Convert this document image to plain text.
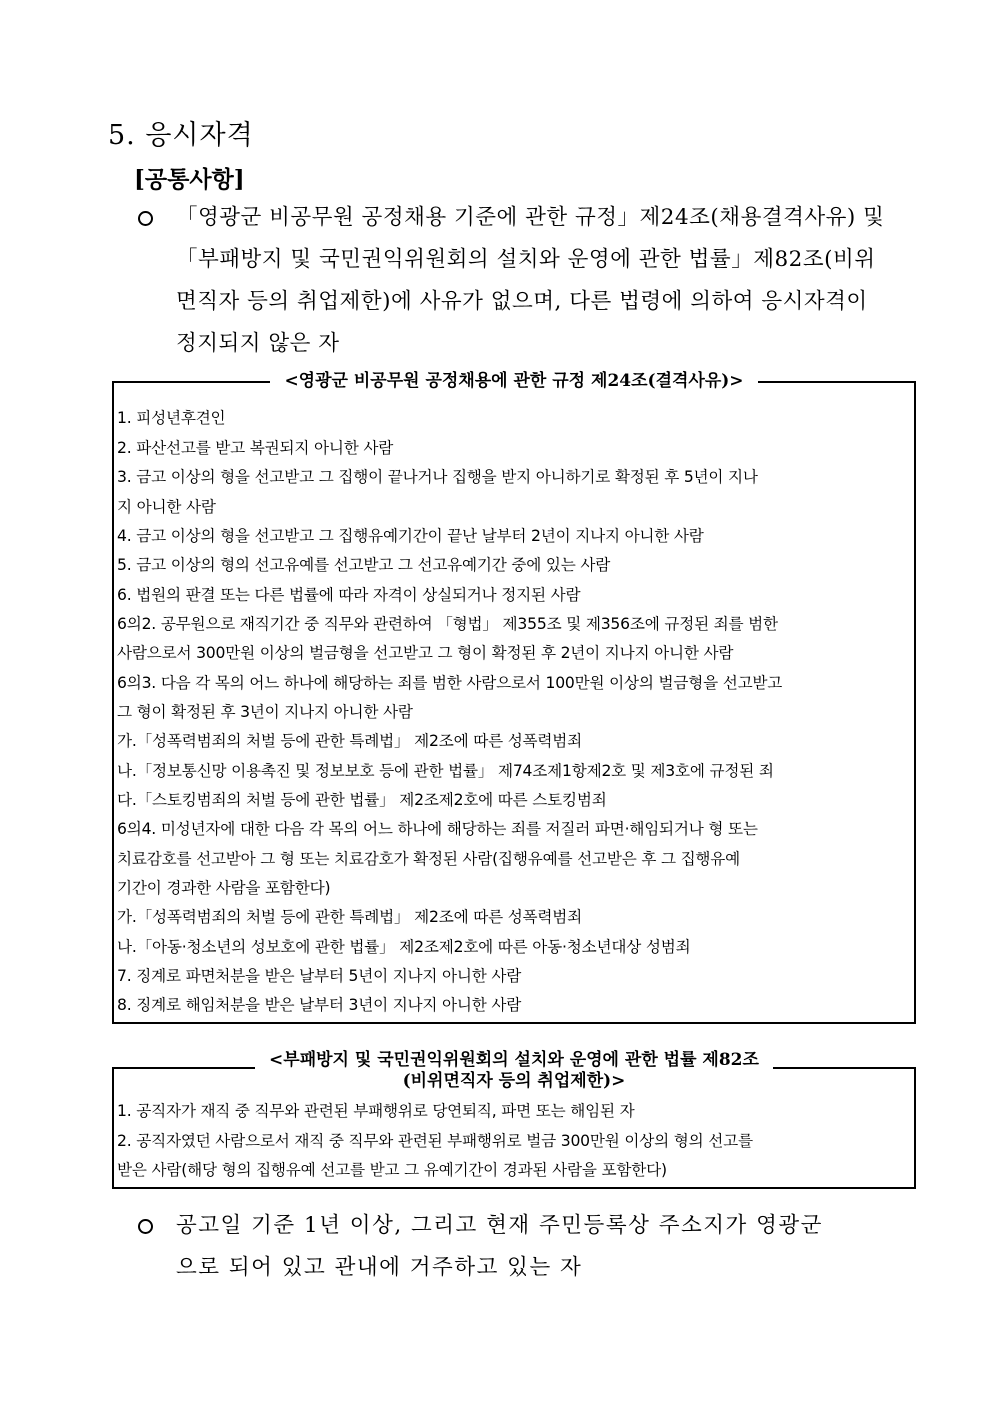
5. 응시자격
[공통사항]
「영광군 비공무원 공정채용 기준에 관한 규정」제24조(채용결격사유) 및
「부패방지 및 국민권익위원회의 설치와 운영에 관한 법률」제82조(비위
면직자 등의 취업제한)에 사유가 없으며, 다른 법령에 의하여 응시자격이
정지되지 않은 자
<영광군 비공무원 공정채용에 관한 규정 제24조(결격사유)>
1. 피성년후견인
2. 파산선고를 받고 복권되지 아니한 사람
3. 금고 이상의 형을 선고받고 그 집행이 끝나거나 집행을 받지 아니하기로 확정된 후 5년이 지나
지 아니한 사람
4. 금고 이상의 형을 선고받고 그 집행유예기간이 끝난 날부터 2년이 지나지 아니한 사람
5. 금고 이상의 형의 선고유예를 선고받고 그 선고유예기간 중에 있는 사람
6. 법원의 판결 또는 다른 법률에 따라 자격이 상실되거나 정지된 사람
6의2. 공무원으로 재직기간 중 직무와 관련하여 「형법」 제355조 및 제356조에 규정된 죄를 범한
사람으로서 300만원 이상의 벌금형을 선고받고 그 형이 확정된 후 2년이 지나지 아니한 사람
6의3. 다음 각 목의 어느 하나에 해당하는 죄를 범한 사람으로서 100만원 이상의 벌금형을 선고받고
그 형이 확정된 후 3년이 지나지 아니한 사람
가.「성폭력범죄의 처벌 등에 관한 특례법」 제2조에 따른 성폭력범죄
나.「정보통신망 이용촉진 및 정보보호 등에 관한 법률」 제74조제1항제2호 및 제3호에 규정된 죄
다.「스토킹범죄의 처벌 등에 관한 법률」 제2조제2호에 따른 스토킹범죄
6의4. 미성년자에 대한 다음 각 목의 어느 하나에 해당하는 죄를 저질러 파면·해임되거나 형 또는
치료감호를 선고받아 그 형 또는 치료감호가 확정된 사람(집행유예를 선고받은 후 그 집행유예
기간이 경과한 사람을 포함한다)
가.「성폭력범죄의 처벌 등에 관한 특례법」 제2조에 따른 성폭력범죄
나.「아동·청소년의 성보호에 관한 법률」 제2조제2호에 따른 아동·청소년대상 성범죄
7. 징계로 파면처분을 받은 날부터 5년이 지나지 아니한 사람
8. 징계로 해임처분을 받은 날부터 3년이 지나지 아니한 사람
<부패방지 및 국민권익위원회의 설치와 운영에 관한 법률 제82조
(비위면직자 등의 취업제한)>
1. 공직자가 재직 중 직무와 관련된 부패행위로 당연퇴직, 파면 또는 해임된 자
2. 공직자였던 사람으로서 재직 중 직무와 관련된 부패행위로 벌금 300만원 이상의 형의 선고를
받은 사람(해당 형의 집행유예 선고를 받고 그 유예기간이 경과된 사람을 포함한다)
공고일 기준 1년 이상, 그리고 현재 주민등록상 주소지가 영광군
으로 되어 있고 관내에 거주하고 있는 자
